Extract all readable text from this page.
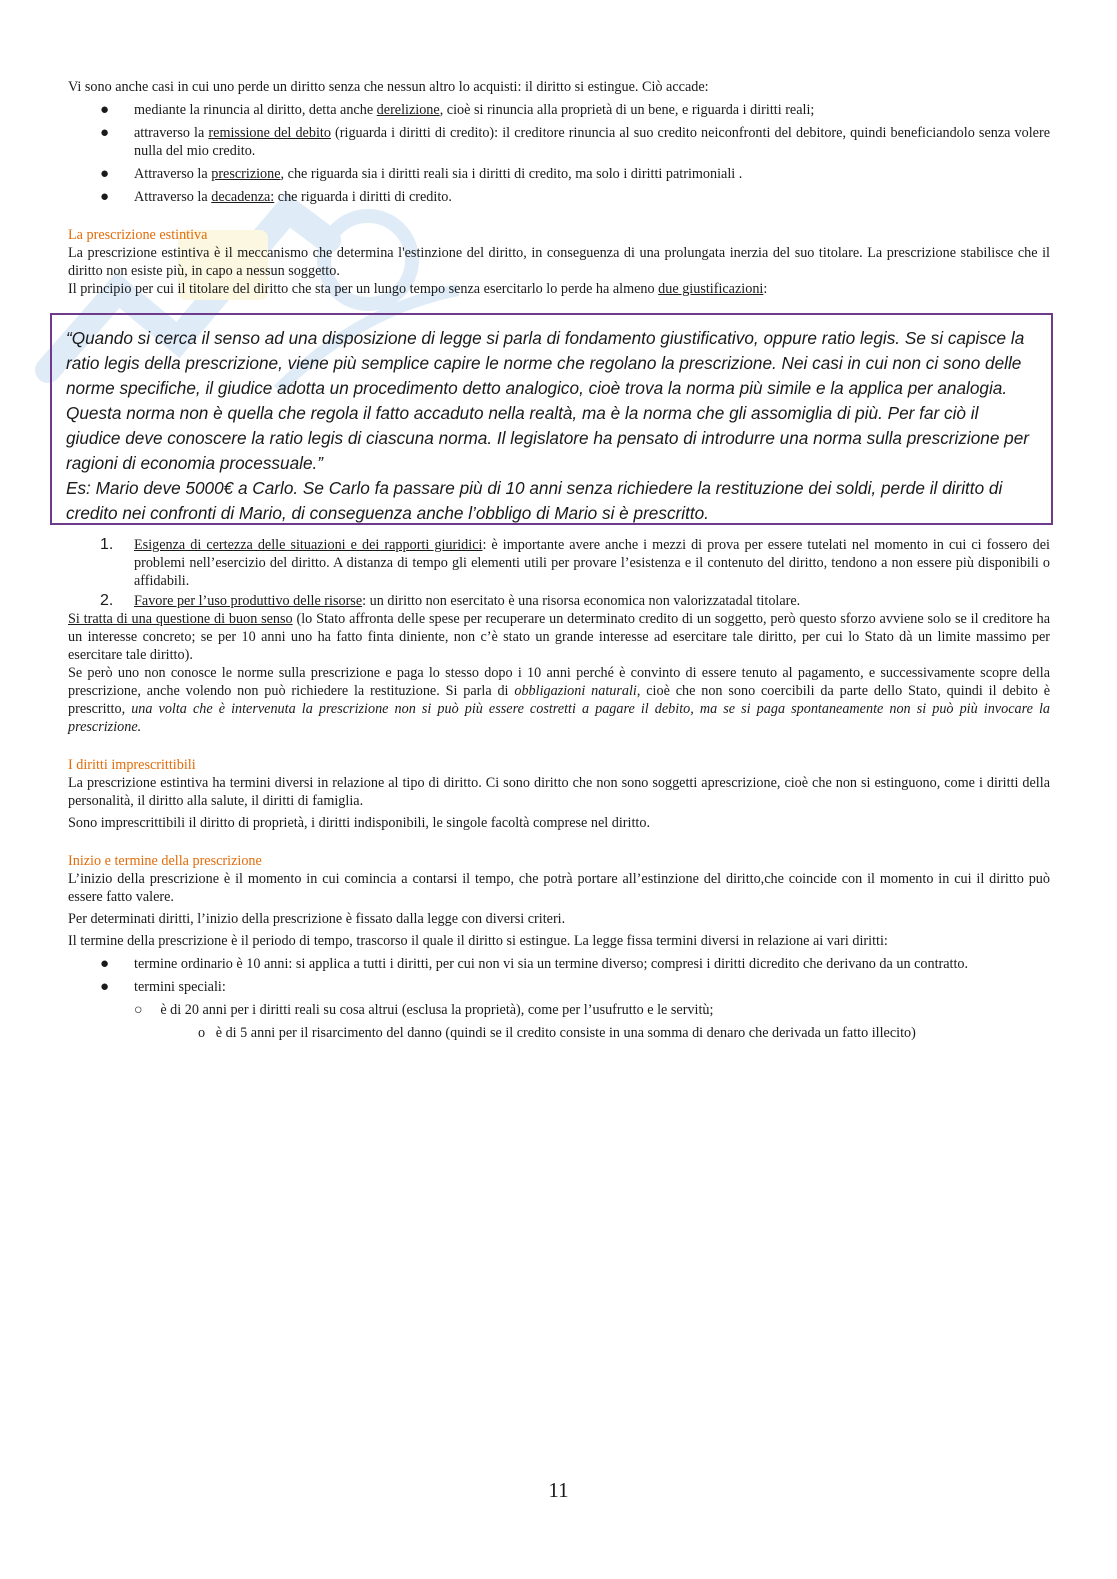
Vi sono anche casi in cui uno perde un diritto senza che nessun altro lo acquisti: il diritto si estingue. Ciò accade:

● mediante la rinuncia al diritto, detta anche derelizione, cioè si rinuncia alla proprietà di un bene, e riguarda i diritti reali;
● attraverso la remissione del debito (riguarda i diritti di credito): il creditore rinuncia al suo credito neiconfronti del debitore, quindi beneficiandolo senza volere nulla del mio credito.
● Attraverso la prescrizione, che riguarda sia i diritti reali sia i diritti di credito, ma solo i diritti patrimoniali .
● Attraverso la decadenza: che riguarda i diritti di credito.
La prescrizione estintiva

La prescrizione estintiva è il meccanismo che determina l'estinzione del diritto, in conseguenza di una prolungata inerzia del suo titolare. La prescrizione stabilisce che il diritto non esiste più, in capo a nessun soggetto.

Il principio per cui il titolare del diritto che sta per un lungo tempo senza esercitarlo lo perde ha almeno due giustificazioni:

“Quando si cerca il senso ad una disposizione di legge si parla di fondamento giustificativo, oppure ratio legis. Se si capisce la ratio legis della prescrizione, viene più semplice capire le norme che regolano la prescrizione. Nei casi in cui non ci sono delle norme specifiche, il giudice adotta un procedimento detto analogico, cioè trova la norma più simile e la applica per analogia. Questa norma non è quella che regola il fatto accaduto nella realtà, ma è la norma che gli assomiglia di più. Per far ciò il giudice deve conoscere la ratio legis di ciascuna norma. Il legislatore ha pensato di introdurre una norma sulla prescrizione per ragioni di economia processuale.”

Es: Mario deve 5000€ a Carlo. Se Carlo fa passare più di 10 anni senza richiedere la restituzione dei soldi, perde il diritto di credito nei confronti di Mario, di conseguenza anche l’obbligo di Mario si è prescritto.

1. Esigenza di certezza delle situazioni e dei rapporti giuridici: è importante avere anche i mezzi di prova per essere tutelati nel momento in cui ci fossero dei problemi nell’esercizio del diritto. A distanza di tempo gli elementi utili per provare l’esistenza e il contenuto del diritto, tendono a non essere più disponibili o affidabili.
2. Favore per l’uso produttivo delle risorse: un diritto non esercitato è una risorsa economica non valorizzatadal titolare.

Si tratta di una questione di buon senso (lo Stato affronta delle spese per recuperare un determinato credito di un soggetto, però questo sforzo avviene solo se il creditore ha un interesse concreto; se per 10 anni uno ha fatto finta diniente, non c’è stato un grande interesse ad esercitare tale diritto, per cui lo Stato dà un limite massimo per esercitare tale diritto).

Se però uno non conosce le norme sulla prescrizione e paga lo stesso dopo i 10 anni perché è convinto di essere tenuto al pagamento, e successivamente scopre della prescrizione, anche volendo non può richiedere la restituzione. Si parla di obbligazioni naturali, cioè che non sono coercibili da parte dello Stato, quindi il debito è prescritto, una volta che è intervenuta la prescrizione non si può più essere costretti a pagare il debito, ma se si paga spontaneamente non si può più invocare la prescrizione.

I diritti imprescrittibili

La prescrizione estintiva ha termini diversi in relazione al tipo di diritto. Ci sono diritto che non sono soggetti aprescrizione, cioè che non si estinguono, come i diritti della personalità, il diritto alla salute, il diritti di famiglia.

Sono imprescrittibili il diritto di proprietà, i diritti indisponibili, le singole facoltà comprese nel diritto.

Inizio e termine della prescrizione

L’inizio della prescrizione è il momento in cui comincia a contarsi il tempo, che potrà portare all’estinzione del diritto,che coincide con il momento in cui il diritto può essere fatto valere.

Per determinati diritti, l’inizio della prescrizione è fissato dalla legge con diversi criteri.

Il termine della prescrizione è il periodo di tempo, trascorso il quale il diritto si estingue. La legge fissa termini diversi in relazione ai vari diritti:

● termine ordinario è 10 anni: si applica a tutti i diritti, per cui non vi sia un termine diverso; compresi i diritti dicredito che derivano da un contratto.
● termini speciali:
○     è di 20 anni per i diritti reali su cosa altrui (esclusa la proprietà), come per l’usufrutto e le servitù;
o   è di 5 anni per il risarcimento del danno (quindi se il credito consiste in una somma di denaro che derivada un fatto illecito)
11
